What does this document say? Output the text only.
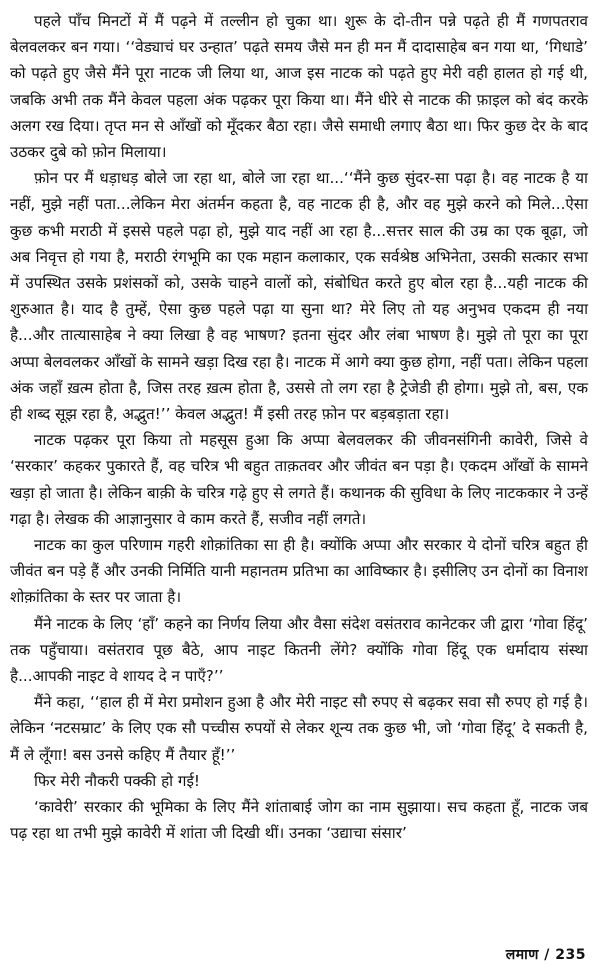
पहले पाँच मिनटों में मैं पढ़ने में तल्लीन हो चुका था। शुरू के दो-तीन पन्ने पढ़ते ही मैं गणपतराव बेलवलकर बन गया। ‘‘वेड्याचं घर उन्हात’ पढ़ते समय जैसे मन ही मन मैं दादासाहेब बन गया था, ‘गिधाडे’ को पढ़ते हुए जैसे मैंने पूरा नाटक जी लिया था, आज इस नाटक को पढ़ते हुए मेरी वही हालत हो गई थी, जबकि अभी तक मैंने केवल पहला अंक पढ़कर पूरा किया था। मैंने धीरे से नाटक की फ़ाइल को बंद करके अलग रख दिया। तृप्त मन से आँखों को मूँदकर बैठा रहा। जैसे समाधी लगाए बैठा था। फिर कुछ देर के बाद उठकर दुबे को फ़ोन मिलाया।

फ़ोन पर मैं धड़ाधड़ बोले जा रहा था, बोले जा रहा था...‘‘मैंने कुछ सुंदर-सा पढ़ा है। वह नाटक है या नहीं, मुझे नहीं पता...लेकिन मेरा अंतर्मन कहता है, वह नाटक ही है, और वह मुझे करने को मिले...ऐसा कुछ कभी मराठी में इससे पहले पढ़ा हो, मुझे याद नहीं आ रहा है...सत्तर साल की उम्र का एक बूढ़ा, जो अब निवृत्त हो गया है, मराठी रंगभूमि का एक महान कलाकार, एक सर्वश्रेष्ठ अभिनेता, उसकी सत्कार सभा में उपस्थित उसके प्रशंसकों को, उसके चाहने वालों को, संबोधित करते हुए बोल रहा है...यही नाटक की शुरुआत है। याद है तुम्हें, ऐसा कुछ पहले पढ़ा या सुना था? मेरे लिए तो यह अनुभव एकदम ही नया है...और तात्यासाहेब ने क्या लिखा है वह भाषण? इतना सुंदर और लंबा भाषण है। मुझे तो पूरा का पूरा अप्पा बेलवलकर आँखों के सामने खड़ा दिख रहा है। नाटक में आगे क्या कुछ होगा, नहीं पता। लेकिन पहला अंक जहाँ ख़त्म होता है, जिस तरह ख़त्म होता है, उससे तो लग रहा है ट्रेजेडी ही होगा। मुझे तो, बस, एक ही शब्द सूझ रहा है, अद्भुत!’’ केवल अद्भुत! मैं इसी तरह फ़ोन पर बड़बड़ाता रहा।

नाटक पढ़कर पूरा किया तो महसूस हुआ कि अप्पा बेलवलकर की जीवनसंगिनी कावेरी, जिसे वे ‘सरकार’ कहकर पुकारते हैं, वह चरित्र भी बहुत ताक़तवर और जीवंत बन पड़ा है। एकदम आँखों के सामने खड़ा हो जाता है। लेकिन बाक़ी के चरित्र गढ़े हुए से लगते हैं। कथानक की सुविधा के लिए नाटककार ने उन्हें गढ़ा है। लेखक की आज्ञानुसार वे काम करते हैं, सजीव नहीं लगते।

नाटक का कुल परिणाम गहरी शोक़ांतिका सा ही है। क्योंकि अप्पा और सरकार ये दोनों चरित्र बहुत ही जीवंत बन पड़े हैं और उनकी निर्मिति यानी महानतम प्रतिभा का आविष्कार है। इसीलिए उन दोनों का विनाश शोक़ांतिका के स्तर पर जाता है।

मैंने नाटक के लिए ‘हाँ’ कहने का निर्णय लिया और वैसा संदेश वसंतराव कानेटकर जी द्वारा ‘गोवा हिंदू’ तक पहुँचाया। वसंतराव पूछ बैठे, आप नाइट कितनी लेंगे? क्योंकि गोवा हिंदू एक धर्मादाय संस्था है...आपकी नाइट वे शायद दे न पाएँ?’’

मैंने कहा, ‘‘हाल ही में मेरा प्रमोशन हुआ है और मेरी नाइट सौ रुपए से बढ़कर सवा सौ रुपए हो गई है। लेकिन ‘नटसम्राट’ के लिए एक सौ पच्चीस रुपयों से लेकर शून्य तक कुछ भी, जो ‘गोवा हिंदू’ दे सकती है, मैं ले लूँगा! बस उनसे कहिए मैं तैयार हूँ!’’

फिर मेरी नौकरी पक्की हो गई!

‘कावेरी’ सरकार की भूमिका के लिए मैंने शांताबाई जोग का नाम सुझाया। सच कहता हूँ, नाटक जब पढ़ रहा था तभी मुझे कावेरी में शांता जी दिखी थीं। उनका ‘उद्याचा संसार’

लमाण / 235
